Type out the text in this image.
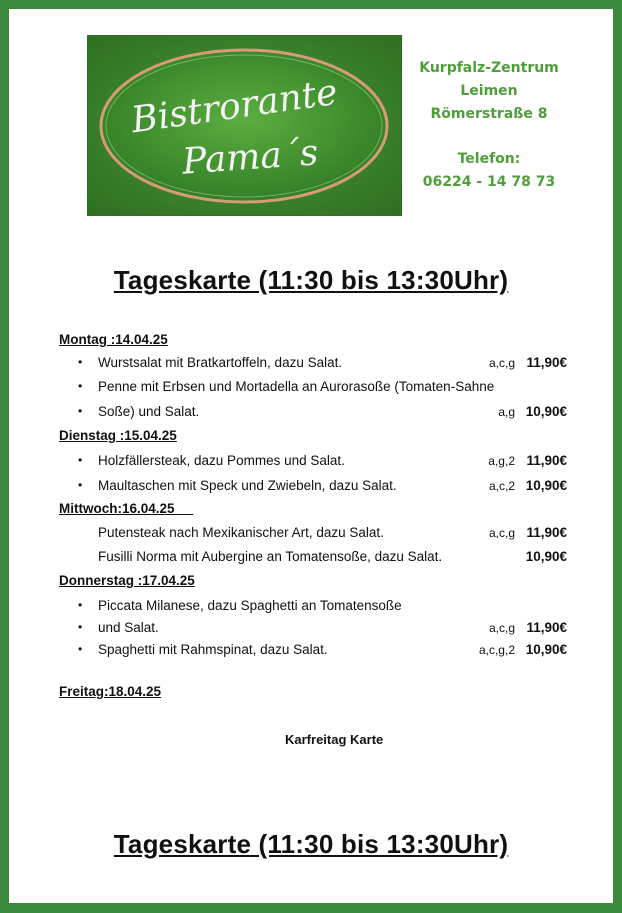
Bistrorante
Pama´s
Kurpfalz-Zentrum
Leimen
Römerstraße 8
Telefon:
06224 - 14 78 73
Tageskarte (11:30 bis 13:30Uhr)
Montag :14.04.25
• Wurstsalat mit Bratkartoffeln, dazu Salat.	a,c,g 11,90€
• Penne mit Erbsen und Mortadella an Aurorasoße (Tomaten-Sahne
• Soße) und Salat.	a,g 10,90€
Dienstag :15.04.25
• Holzfällersteak, dazu Pommes und Salat.	a,g,2 11,90€
• Maultaschen mit Speck und Zwiebeln, dazu Salat.	a,c,2 10,90€
Mittwoch:16.04.25
Putensteak nach Mexikanischer Art, dazu Salat.	a,c,g 11,90€
Fusilli Norma mit Aubergine an Tomatensoße, dazu Salat.	10,90€
Donnerstag :17.04.25
• Piccata Milanese, dazu Spaghetti an Tomatensoße
• und Salat.	a,c,g 11,90€
• Spaghetti mit Rahmspinat, dazu Salat.	a,c,g,2 10,90€
Freitag:18.04.25
Karfreitag Karte
Tageskarte (11:30 bis 13:30Uhr)
